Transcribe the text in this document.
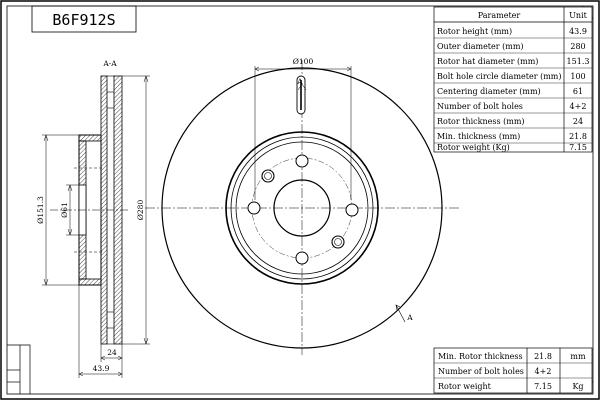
B6F912S
A-A
Ø151.3 Ø61	Ø280
24
43.9
Ø100
A
A
Parameter	Unit
Rotor height (mm)	43.9
Outer diameter (mm)	280
Rotor hat diameter (mm)	151.3
Bolt hole circle diameter (mm) 100
Centering diameter (mm)	61
Number of bolt holes	4+2
Rotor thickness (mm)	24
Min. thickness (mm)	21.8
Rotor weight (Kg)	7.15
Min. Rotor thickness 21.8 mm
Number of bolt holes 4+2
Rotor weight	7.15	Kg
